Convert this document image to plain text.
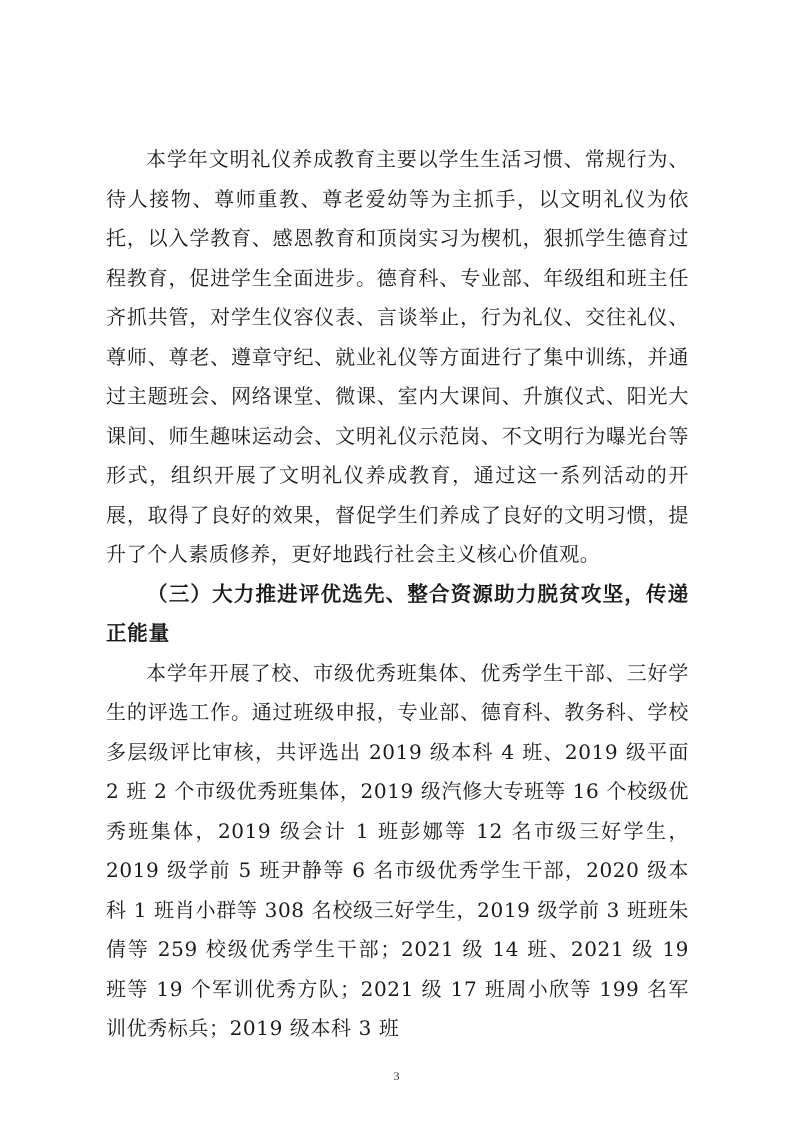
本学年文明礼仪养成教育主要以学生生活习惯、常规行为、待人接物、尊师重教、尊老爱幼等为主抓手，以文明礼仪为依托，以入学教育、感恩教育和顶岗实习为楔机，狠抓学生德育过程教育，促进学生全面进步。德育科、专业部、年级组和班主任齐抓共管，对学生仪容仪表、言谈举止，行为礼仪、交往礼仪、尊师、尊老、遵章守纪、就业礼仪等方面进行了集中训练，并通过主题班会、网络课堂、微课、室内大课间、升旗仪式、阳光大课间、师生趣味运动会、文明礼仪示范岗、不文明行为曝光台等形式，组织开展了文明礼仪养成教育，通过这一系列活动的开展，取得了良好的效果，督促学生们养成了良好的文明习惯，提升了个人素质修养，更好地践行社会主义核心价值观。

（三）大力推进评优选先、整合资源助力脱贫攻坚，传递正能量

本学年开展了校、市级优秀班集体、优秀学生干部、三好学生的评选工作。通过班级申报，专业部、德育科、教务科、学校多层级评比审核，共评选出 2019 级本科 4 班、2019 级平面 2 班 2 个市级优秀班集体，2019 级汽修大专班等 16 个校级优秀班集体，2019 级会计 1 班彭娜等 12 名市级三好学生，2019 级学前 5 班尹静等 6 名市级优秀学生干部，2020 级本科 1 班肖小群等 308 名校级三好学生，2019 级学前 3 班班朱倩等 259 校级优秀学生干部；2021 级 14 班、2021 级 19 班等 19 个军训优秀方队；2021 级 17 班周小欣等 199 名军训优秀标兵；2019 级本科 3 班

3
